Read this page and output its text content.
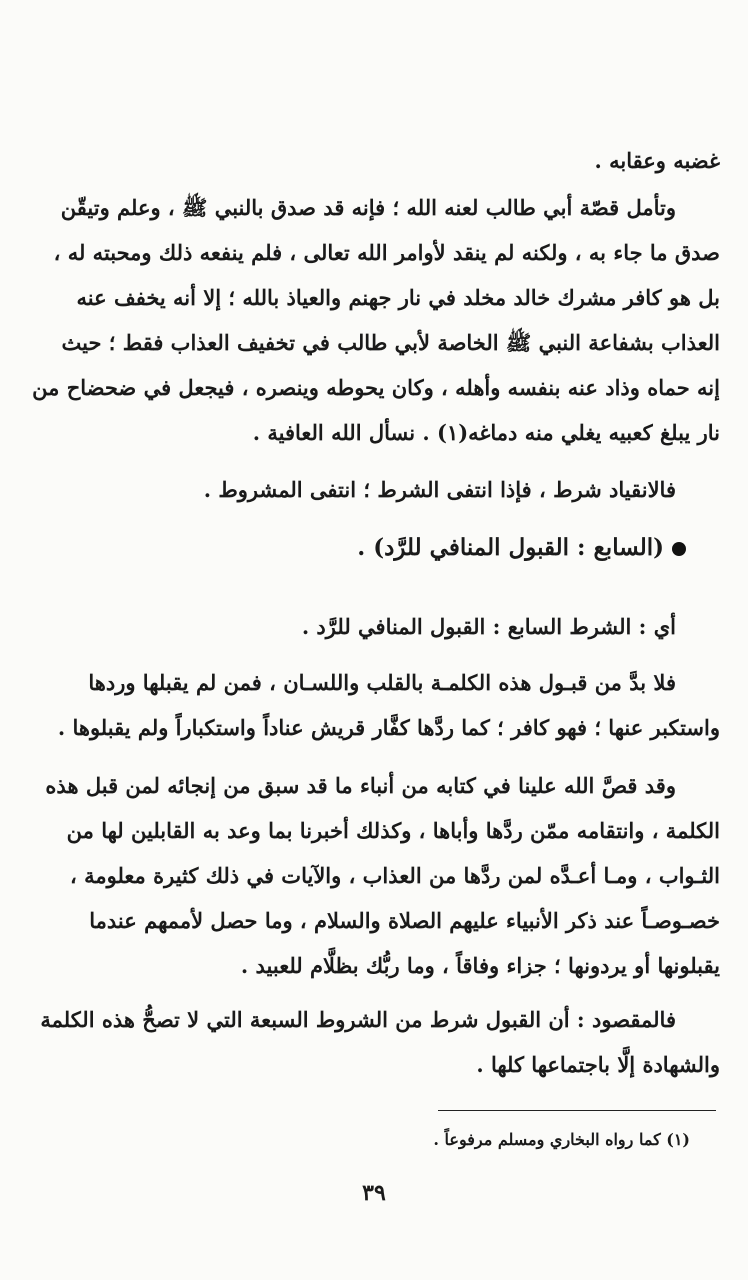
غضبه وعقابه .
وتأمل قصّة أبي طالب لعنه الله ؛ فإنه قد صدق بالنبي ﷺ ، وعلم وتيقّن
صدق ما جاء به ، ولكنه لم ينقد لأوامر الله تعالى ، فلم ينفعه ذلك ومحبته له ،
بل هو كافر مشرك خالد مخلد في نار جهنم والعياذ بالله ؛ إلا أنه يخفف عنه
العذاب بشفاعة النبي ﷺ الخاصة لأبي طالب في تخفيف العذاب فقط ؛ حيث
إنه حماه وذاد عنه بنفسه وأهله ، وكان يحوطه وينصره ، فيجعل في ضحضاح من
نار يبلغ كعبيه يغلي منه دماغه(١) . نسأل الله العافية .
فالانقياد شرط ، فإذا انتفى الشرط ؛ انتفى المشروط .
(السابع : القبول المنافي للرَّد) .
أي : الشرط السابع : القبول المنافي للرَّد .
فلا بدَّ من قبـول هذه الكلمـة بالقلب واللسـان ، فمن لم يقبلها وردها
واستكبر عنها ؛ فهو كافر ؛ كما ردَّها كفَّار قريش عناداً واستكباراً ولم يقبلوها .
وقد قصَّ الله علينا في كتابه من أنباء ما قد سبق من إنجائه لمن قبل هذه
الكلمة ، وانتقامه ممّن ردَّها وأباها ، وكذلك أخبرنا بما وعد به القابلين لها من
الثـواب ، ومـا أعـدَّه لمن ردَّها من العذاب ، والآيات في ذلك كثيرة معلومة ،
خصـوصـاً عند ذكر الأنبياء عليهم الصلاة والسلام ، وما حصل لأممهم عندما
يقبلونها أو يردونها ؛ جزاء وفاقاً ، وما ربُّك بظلَّام للعبيد .
فالمقصود : أن القبول شرط من الشروط السبعة التي لا تصحُّ هذه الكلمة
والشهادة إلَّا باجتماعها كلها .
(١) كما رواه البخاري ومسلم مرفوعاً .
٣٩
